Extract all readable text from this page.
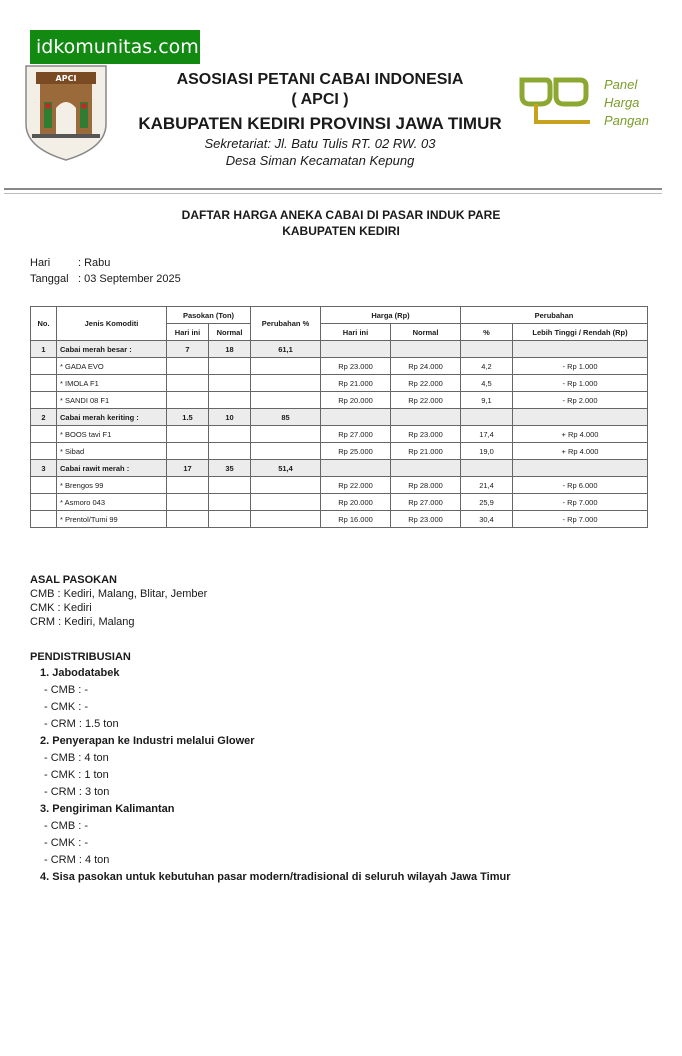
idkomunitas.com
APCI	ASOSIASI PETANI CABAI INDONESIA
( APCI )
KABUPATEN KEDIRI PROVINSI JAWA TIMUR
Sekretariat: Jl. Batu Tulis RT. 02 RW. 03
Desa Siman Kecamatan Kepung
Panel
Harga
Pangan
DAFTAR HARGA ANEKA CABAI DI PASAR INDUK PARE
KABUPATEN KEDIRI
Hari	: Rabu
Tanggal : 03 September 2025
No.	Jenis Komoditi	Pasokan (Ton)		Perubahan %	Harga (Rp)		Perubahan	
		Hari ini	Normal		Hari ini	Normal	%	Lebih Tinggi / Rendah (Rp)
1	Cabai merah besar :	7	18	61,1				
	* GADA EVO				Rp 23.000	Rp 24.000	4,2	- Rp 1.000
	* IMOLA F1				Rp 21.000	Rp 22.000	4,5	- Rp 1.000
	* SANDI 08 F1				Rp 20.000	Rp 22.000	9,1	- Rp 2.000
2	Cabai merah keriting :	1.5	10	85				
	* BOOS tavi F1				Rp 27.000	Rp 23.000	17,4	+ Rp 4.000
	* Sibad				Rp 25.000	Rp 21.000	19,0	+ Rp 4.000
3	Cabai rawit merah :	17	35	51,4				
	* Brengos 99				Rp 22.000	Rp 28.000	21,4	- Rp 6.000
	* Asmoro 043				Rp 20.000	Rp 27.000	25,9	- Rp 7.000
	* Prentol/Tumi 99				Rp 16.000	Rp 23.000	30,4	- Rp 7.000
ASAL PASOKAN
CMB : Kediri, Malang, Blitar, Jember
CMK : Kediri
CRM : Kediri, Malang
PENDISTRIBUSIAN
1. Jabodatabek
- CMB : -
- CMK : -
- CRM : 1.5 ton
2. Penyerapan ke Industri melalui Glower
- CMB : 4 ton
- CMK : 1 ton
- CRM : 3 ton
3. Pengiriman Kalimantan
- CMB : -
- CMK : -
- CRM : 4 ton
4. Sisa pasokan untuk kebutuhan pasar modern/tradisional di seluruh wilayah Jawa Timur
